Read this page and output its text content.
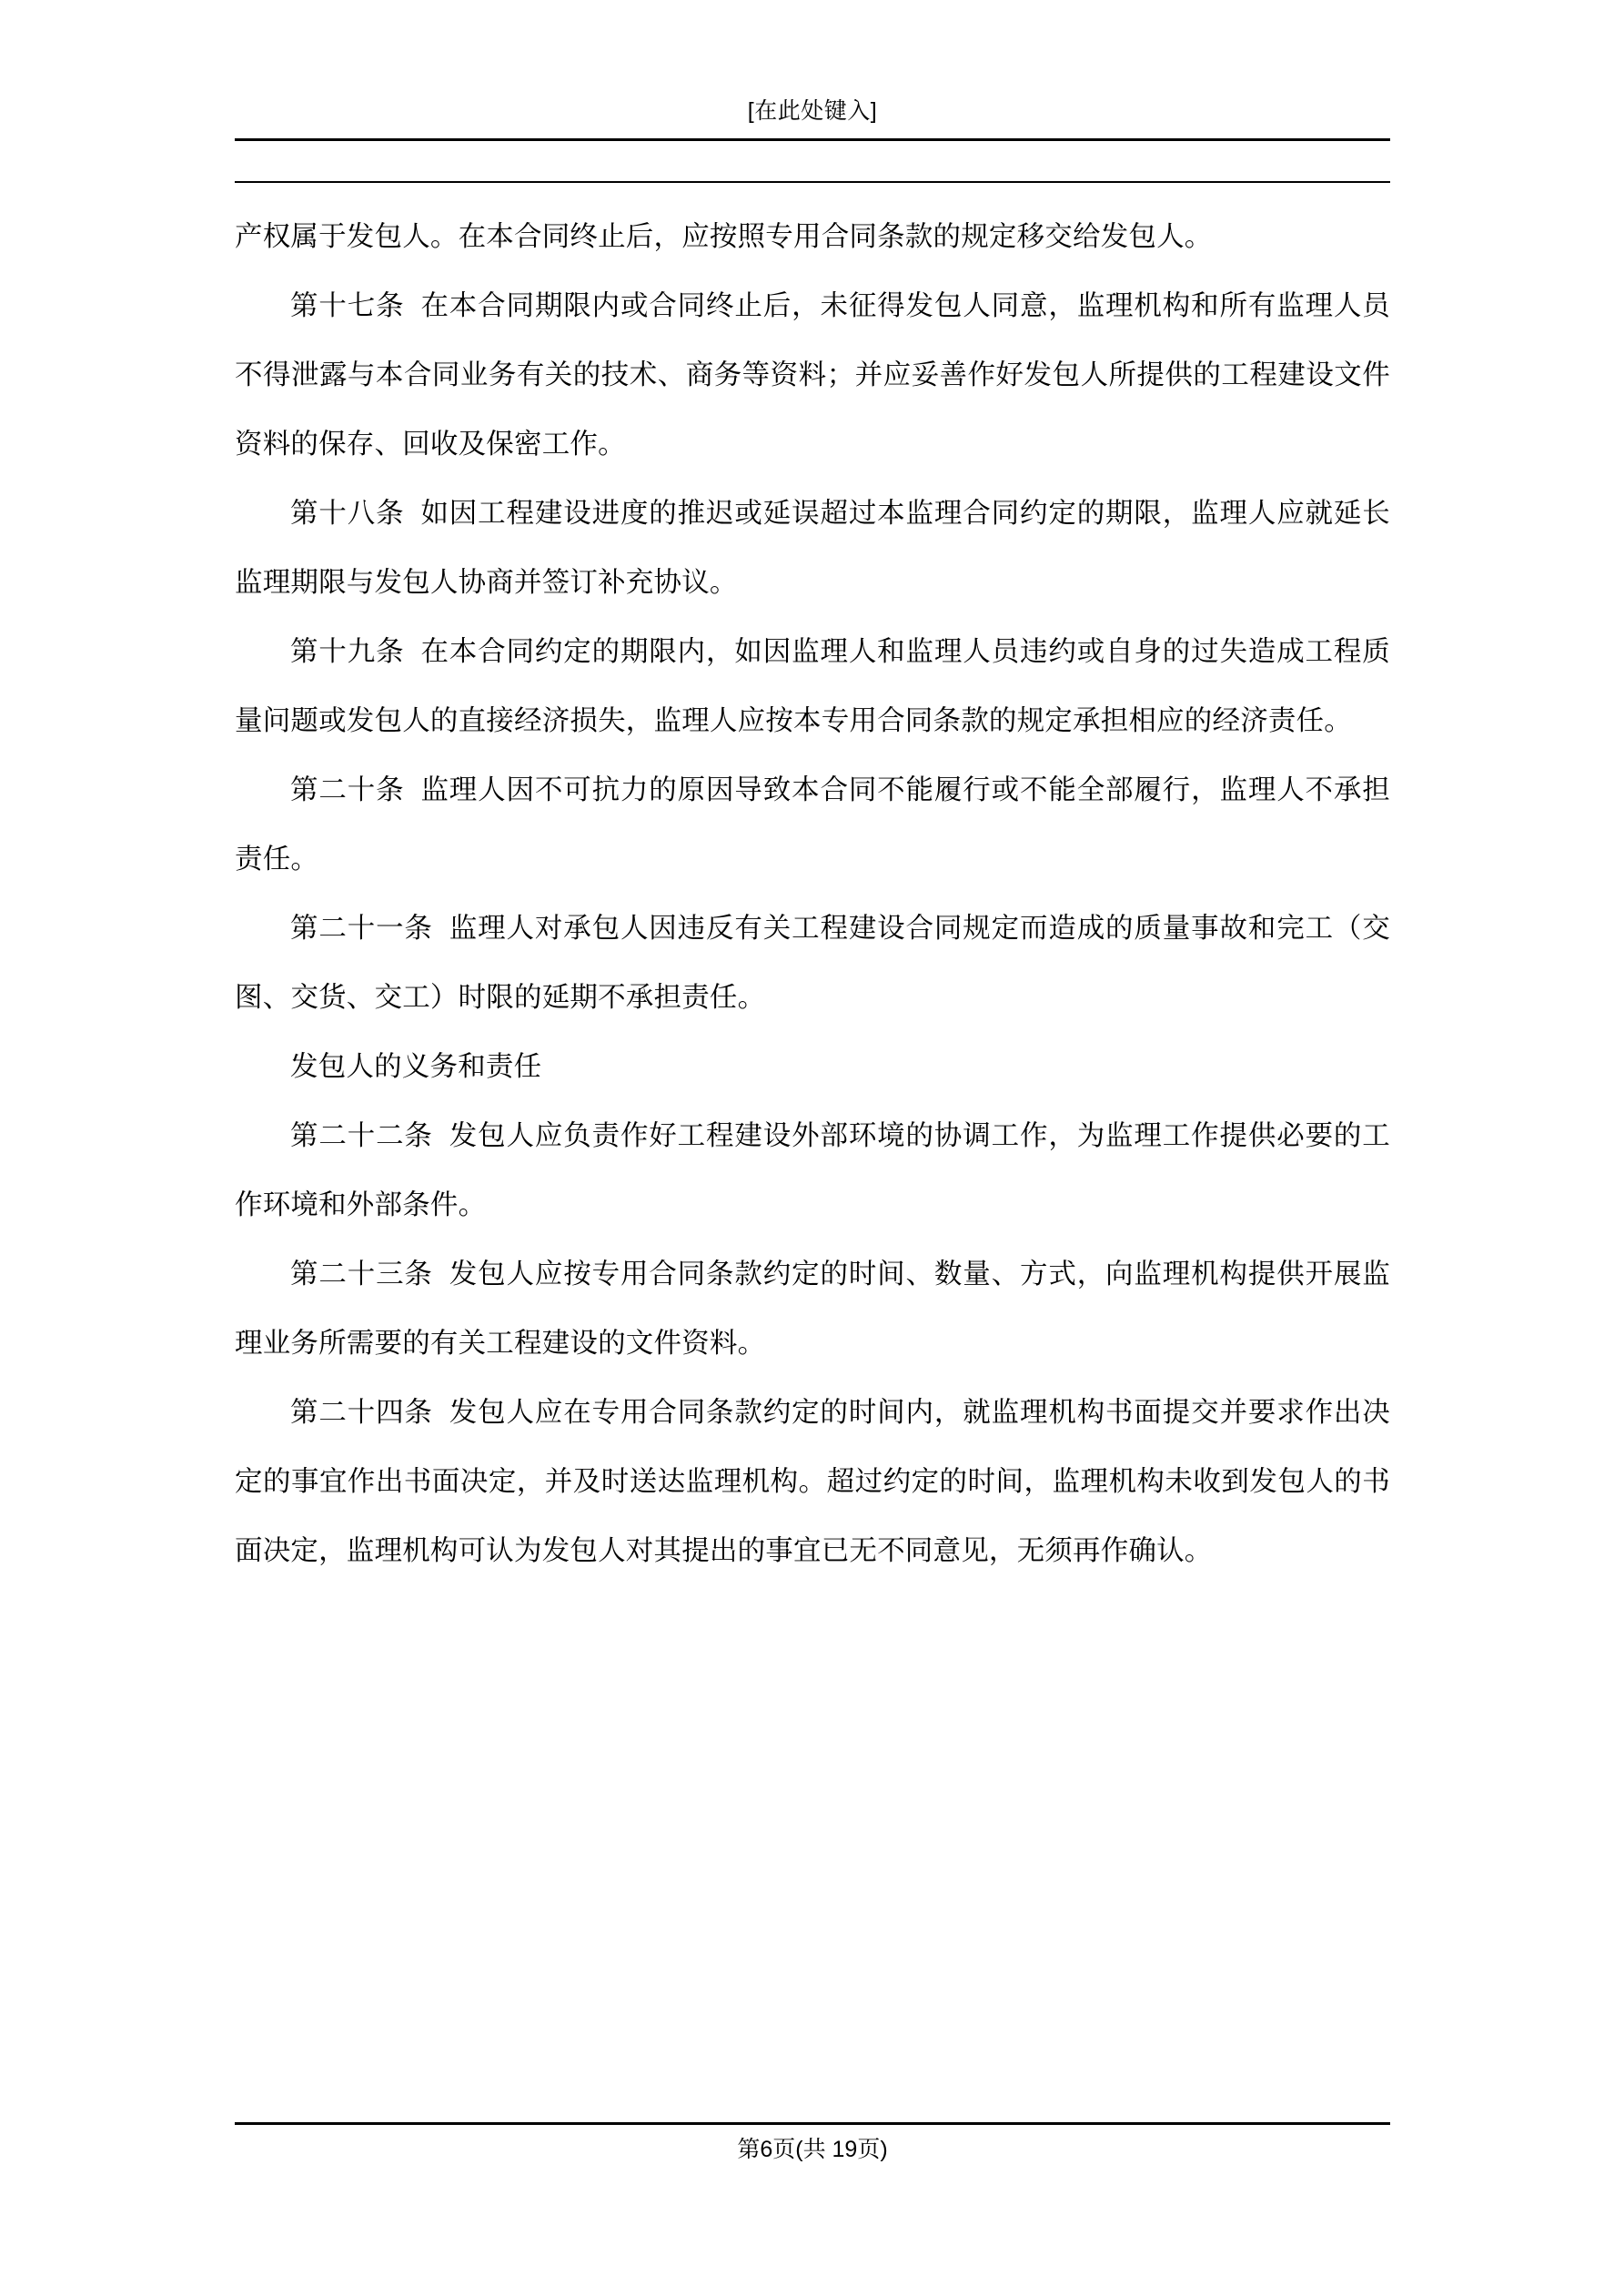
[在此处键入]

产权属于发包人。在本合同终止后，应按照专用合同条款的规定移交给发包人。

第十七条 在本合同期限内或合同终止后，未征得发包人同意，监理机构和所有监理人员不得泄露与本合同业务有关的技术、商务等资料；并应妥善作好发包人所提供的工程建设文件资料的保存、回收及保密工作。

第十八条 如因工程建设进度的推迟或延误超过本监理合同约定的期限，监理人应就延长监理期限与发包人协商并签订补充协议。

第十九条 在本合同约定的期限内，如因监理人和监理人员违约或自身的过失造成工程质量问题或发包人的直接经济损失，监理人应按本专用合同条款的规定承担相应的经济责任。

第二十条 监理人因不可抗力的原因导致本合同不能履行或不能全部履行，监理人不承担责任。

第二十一条 监理人对承包人因违反有关工程建设合同规定而造成的质量事故和完工（交图、交货、交工）时限的延期不承担责任。

发包人的义务和责任

第二十二条 发包人应负责作好工程建设外部环境的协调工作，为监理工作提供必要的工作环境和外部条件。

第二十三条 发包人应按专用合同条款约定的时间、数量、方式，向监理机构提供开展监理业务所需要的有关工程建设的文件资料。

第二十四条 发包人应在专用合同条款约定的时间内，就监理机构书面提交并要求作出决定的事宜作出书面决定，并及时送达监理机构。超过约定的时间，监理机构未收到发包人的书面决定，监理机构可认为发包人对其提出的事宜已无不同意见，无须再作确认。

第6页(共 19页)
